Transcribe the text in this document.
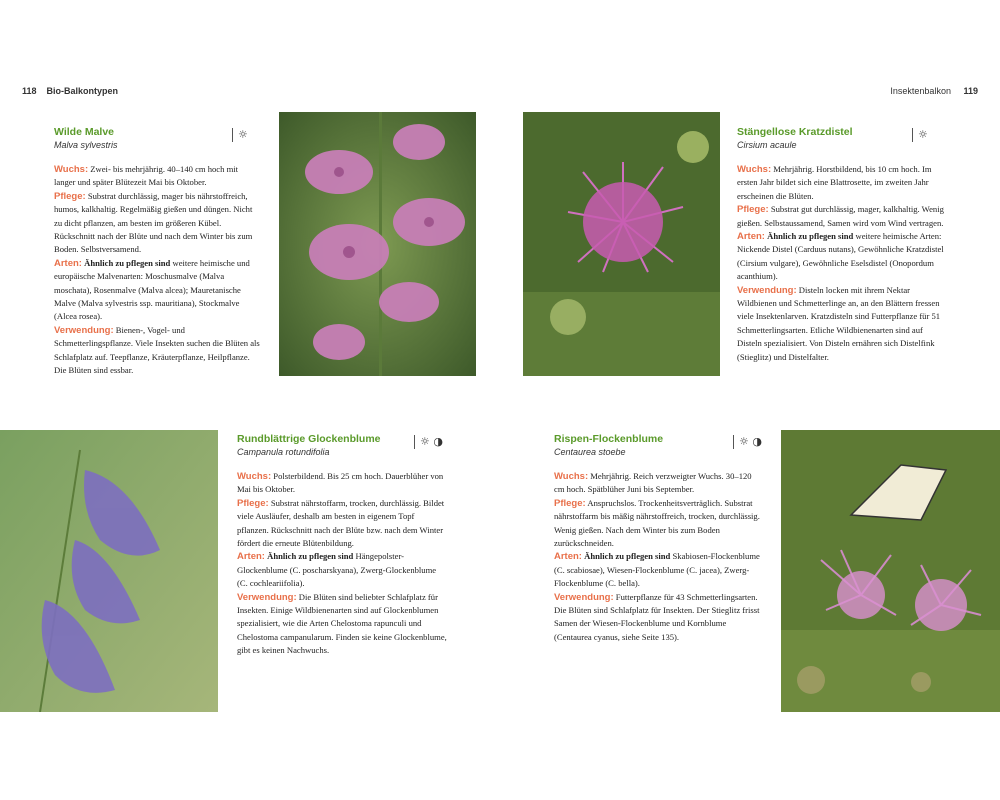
118 Bio-Balkontypen	Insektenbalkon 119

Wilde Malve

Malva sylvestris

Wuchs: Zwei- bis mehrjährig. 40–140 cm hoch mit langer und später Blütezeit Mai bis Oktober.
Pflege: Substrat durchlässig, mager bis nährstoffreich, humos, kalkhaltig. Regelmäßig gießen und düngen. Nicht zu dicht pflanzen, am besten im größeren Kübel. Rückschnitt nach der Blüte und nach dem Winter bis zum Boden. Selbstversamend.
Arten: Ähnlich zu pflegen sind weitere heimische und europäische Malvenarten: Moschusmalve (Malva moschata), Rosenmalve (Malva alcea); Mauretanische Malve (Malva sylvestris ssp. mauritiana), Stockmalve (Alcea rosea).
Verwendung: Bienen-, Vogel- und Schmetterlingspflanze. Viele Insekten suchen die Blüten als Schlafplatz auf. Teepflanze, Kräuterpflanze, Heilpflanze. Die Blüten sind essbar.
☼	Stängellose Kratzdistel

Cirsium acaule

Wuchs: Mehrjährig. Horstbildend, bis 10 cm hoch. Im ersten Jahr bildet sich eine Blattrosette, im zweiten Jahr erscheinen die Blüten.
Pflege: Substrat gut durchlässig, mager, kalkhaltig. Wenig gießen. Selbstaussamend, Samen wird vom Wind vertragen.
Arten: Ähnlich zu pflegen sind weitere heimische Arten: Nickende Distel (Carduus nutans), Gewöhnliche Kratzdistel (Cirsium vulgare), Gewöhnliche Eselsdistel (Onopordum acanthium).
Verwendung: Disteln locken mit ihrem Nektar Wildbienen und Schmetterlinge an, an den Blättern fressen viele Insektenlarven. Kratzdisteln sind Futterpflanze für 51 Schmetterlingsarten. Etliche Wildbienenarten sind auf Disteln spezialisiert. Von Disteln ernähren sich Distelfink (Stieglitz) und Distelfalter.
☼

Rundblättrige Glockenblume

Campanula rotundifolia

Wuchs: Polsterbildend. Bis 25 cm hoch. Dauerblüher von Mai bis Oktober.
Pflege: Substrat nährstoffarm, trocken, durchlässig. Bildet viele Ausläufer, deshalb am besten in eigenem Topf pflanzen. Rückschnitt nach der Blüte bzw. nach dem Winter fördert die erneute Blütenbildung.
Arten: Ähnlich zu pflegen sind Hängepolster-Glockenblume (C. poscharskyana), Zwerg-Glockenblume (C. cochleariifolia).
Verwendung: Die Blüten sind beliebter Schlafplatz für Insekten. Einige Wildbienenarten sind auf Glockenblumen spezialisiert, wie die Arten Chelostoma rapunculi und Chelostoma campanularum. Finden sie keine Glockenblume, gibt es keinen Nachwuchs.
☼ ◑	Rispen-Flockenblume

Centaurea stoebe

Wuchs: Mehrjährig. Reich verzweigter Wuchs. 30–120 cm hoch. Spätblüher Juni bis September.
Pflege: Anspruchslos. Trockenheitsverträglich. Substrat nährstoffarm bis mäßig nährstoffreich, trocken, durchlässig. Wenig gießen. Nach dem Winter bis zum Boden zurückschneiden.
Arten: Ähnlich zu pflegen sind Skabiosen-Flockenblume (C. scabiosae), Wiesen-Flockenblume (C. jacea), Zwerg-Flockenblume (C. bella).
Verwendung: Futterpflanze für 43 Schmetterlingsarten. Die Blüten sind Schlafplatz für Insekten. Der Stieglitz frisst Samen der Wiesen-Flockenblume und Kornblume (Centaurea cyanus, siehe Seite 135).
☼ ◑
